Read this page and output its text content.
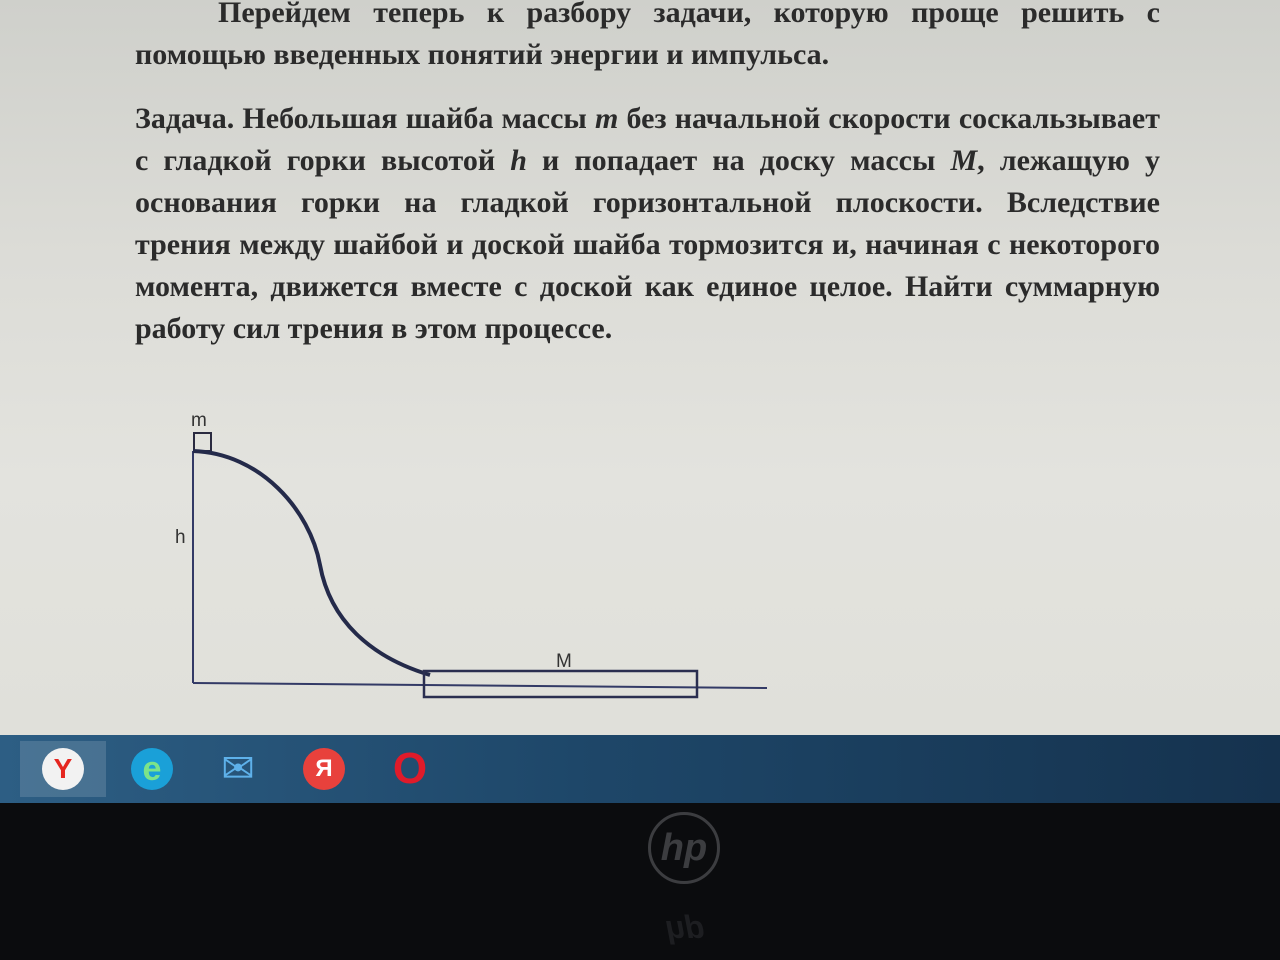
Перейдем теперь к разбору задачи, которую проще решить с помощью введенных понятий энергии и импульса.

Задача. Небольшая шайба массы m без начальной скорости соскальзывает с гладкой горки высотой h и попадает на доску массы M, лежащую у основания горки на гладкой горизонтальной плоскости. Вследствие трения между шайбой и доской шайба тормозится и, начиная с некоторого момента, движется вместе с доской как единое целое. Найти суммарную работу сил трения в этом процессе.

m
h
M
Y	e ✉	Я O
hp
hp
